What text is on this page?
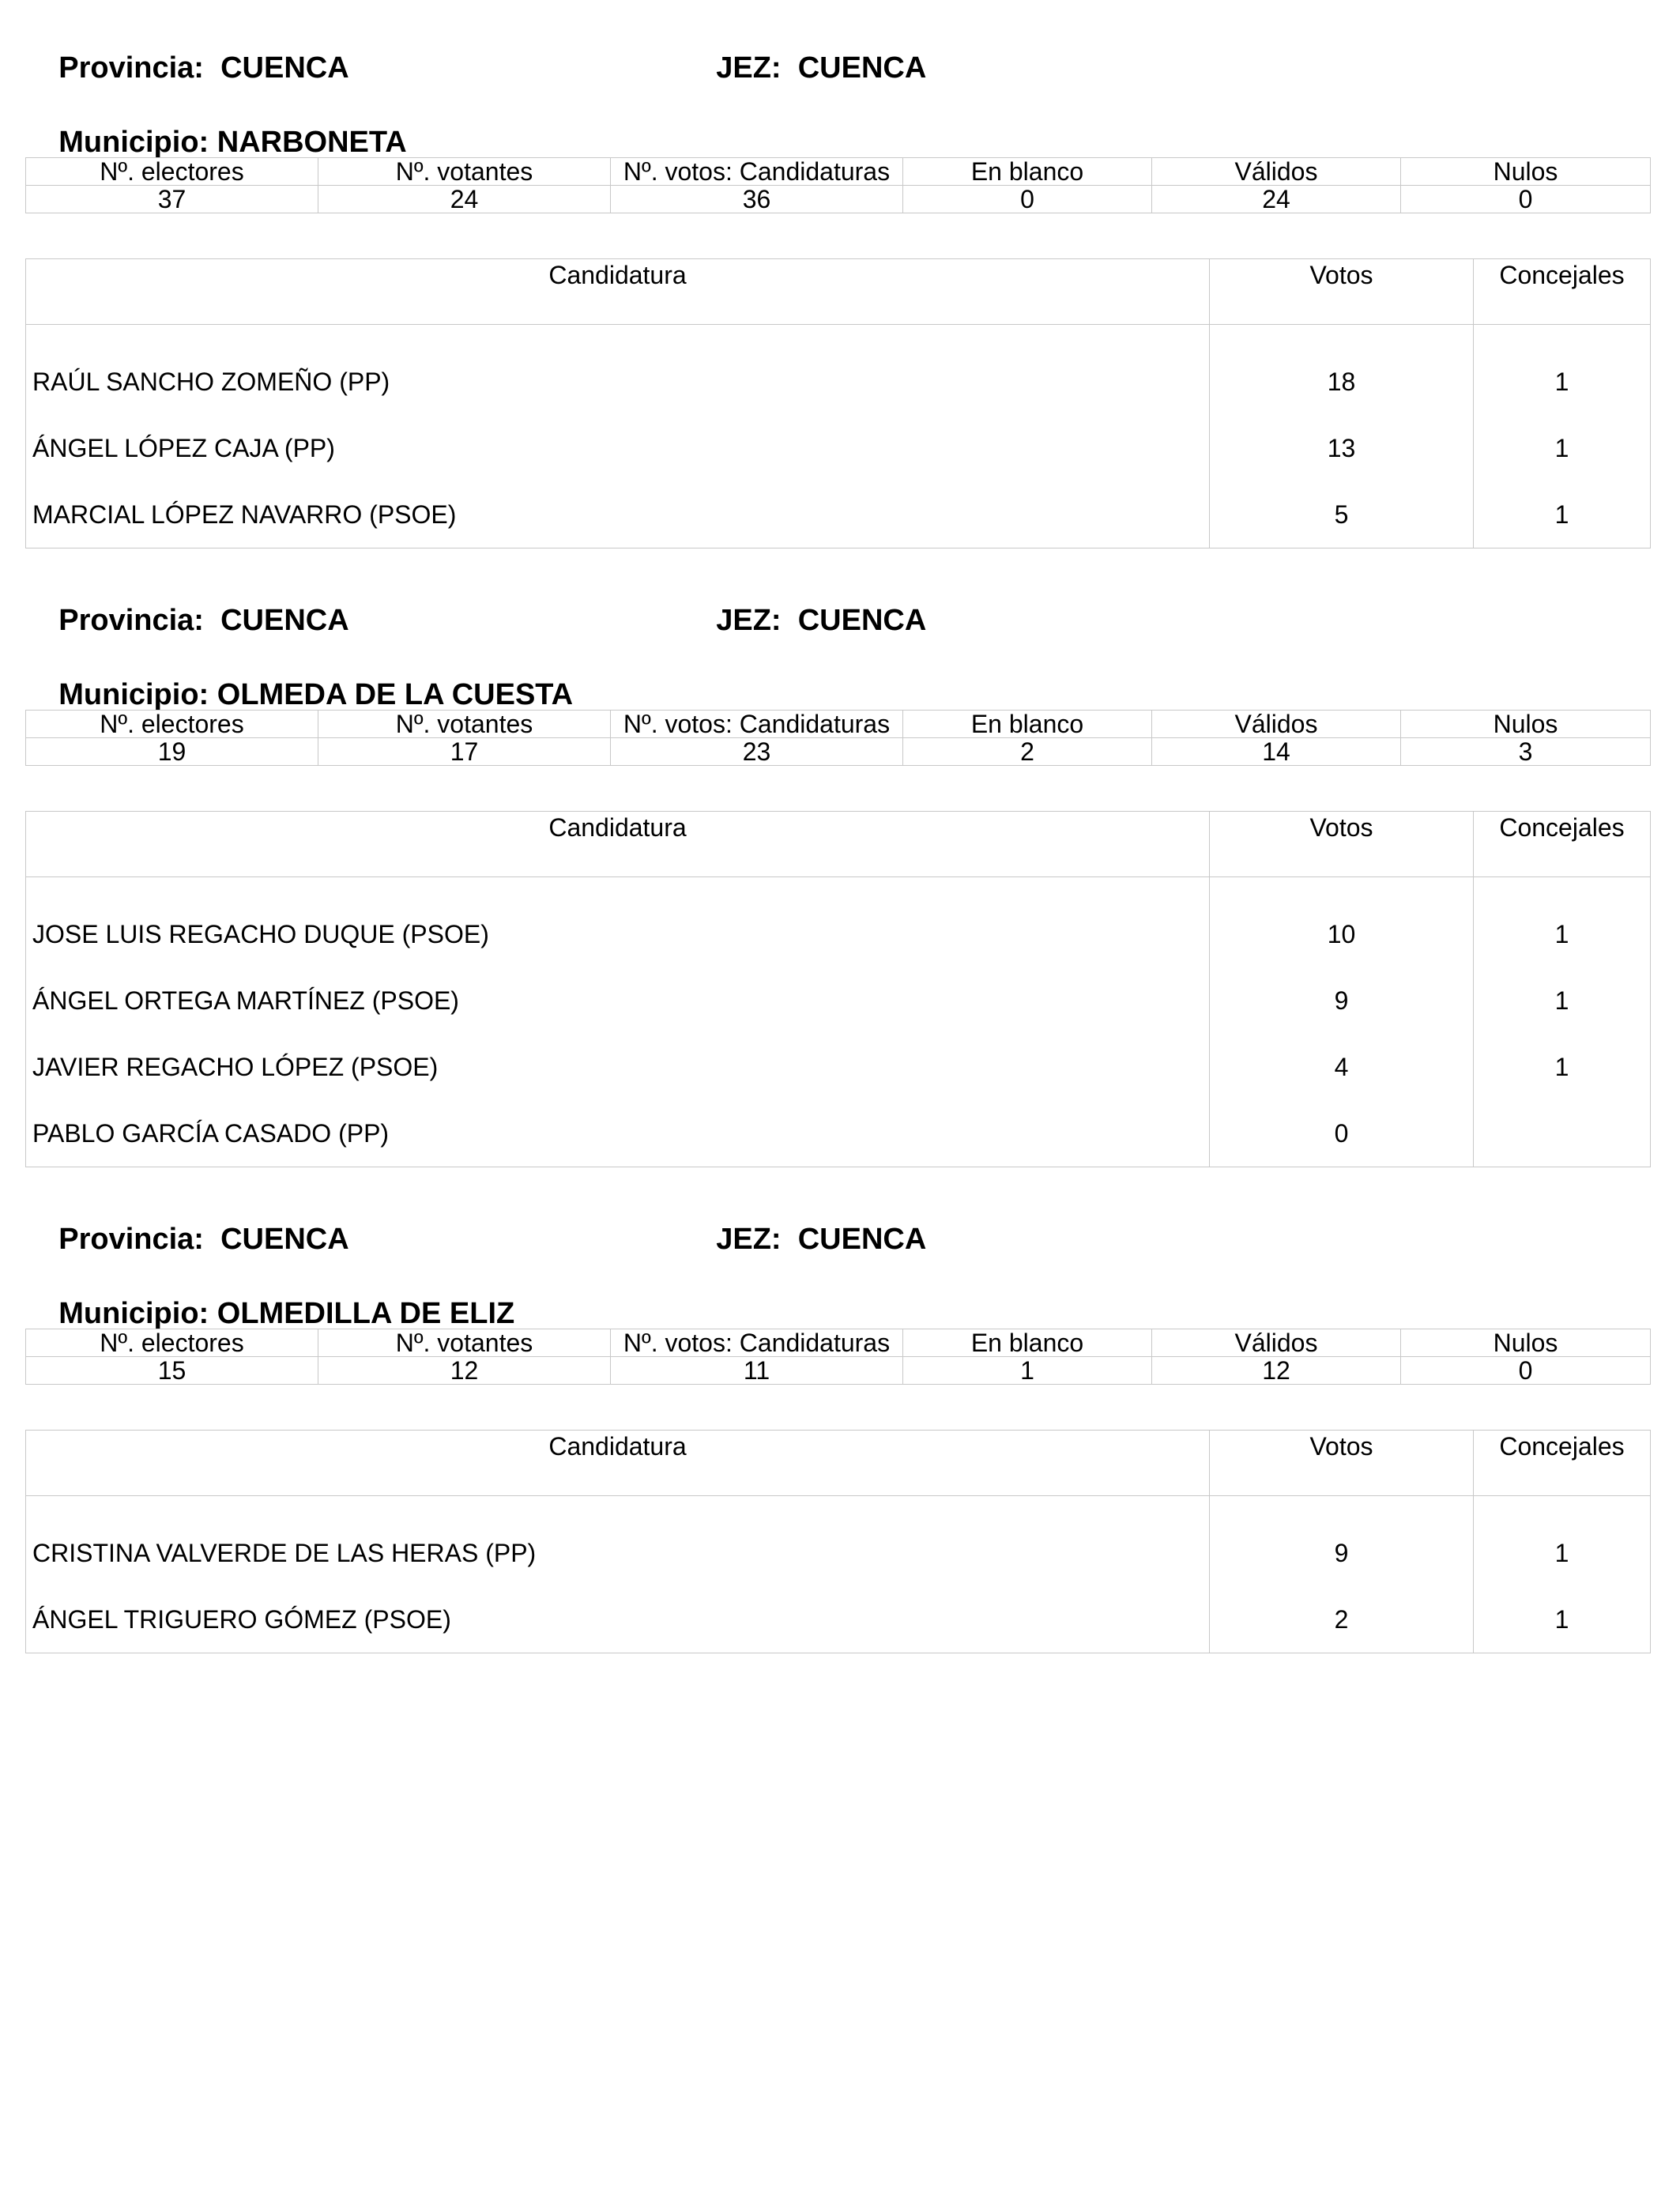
Provincia: CUENCA
	JEZ: CUENCA

Municipio: NARBONETA

Nº. electores	Nº. votantes	Nº. votos: Candidaturas	En blanco	Válidos	Nulos
37	24	36	0	24	0
Candidatura	Votos	Concejales
RAÚL SANCHO ZOMEÑO (PP)	18	1
ÁNGEL LÓPEZ CAJA (PP)	13	1
MARCIAL LÓPEZ NAVARRO (PSOE)	5	1

Provincia: CUENCA
	JEZ: CUENCA

Municipio: OLMEDA DE LA CUESTA

Nº. electores	Nº. votantes	Nº. votos: Candidaturas	En blanco	Válidos	Nulos
19	17	23	2	14	3
Candidatura	Votos	Concejales
JOSE LUIS REGACHO DUQUE (PSOE)	10	1
ÁNGEL ORTEGA MARTÍNEZ (PSOE)	9	1
JAVIER REGACHO LÓPEZ (PSOE)	4	1
PABLO GARCÍA CASADO (PP)	0	

Provincia: CUENCA
	JEZ: CUENCA

Municipio: OLMEDILLA DE ELIZ

Nº. electores	Nº. votantes	Nº. votos: Candidaturas	En blanco	Válidos	Nulos
15	12	11	1	12	0
Candidatura	Votos	Concejales
CRISTINA VALVERDE DE LAS HERAS (PP)	9	1
ÁNGEL TRIGUERO GÓMEZ (PSOE)	2	1
